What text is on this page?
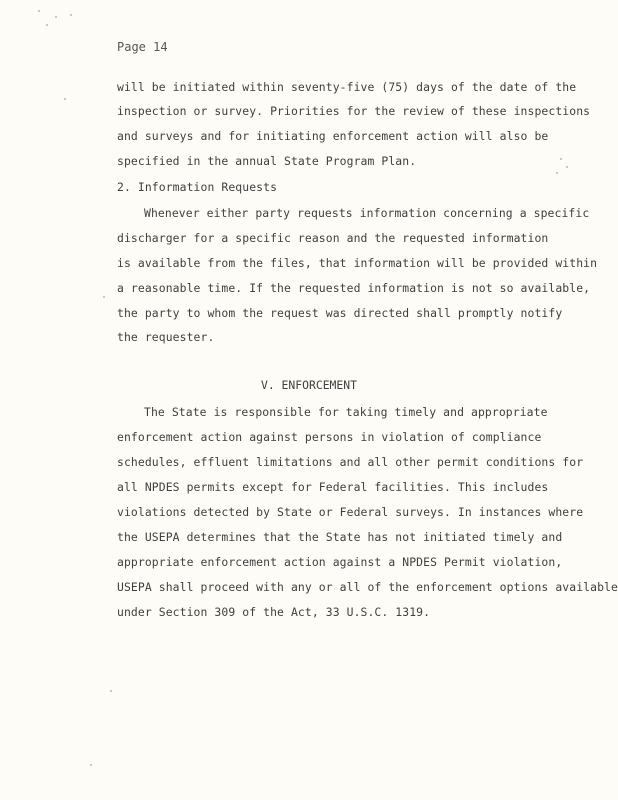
Page 14
will be initiated within seventy-five (75) days of the date of the
inspection or survey. Priorities for the review of these inspections
and surveys and for initiating enforcement action will also be
specified in the annual State Program Plan.
2. Information Requests
Whenever either party requests information concerning a specific
discharger for a specific reason and the requested information
is available from the files, that information will be provided within
a reasonable time. If the requested information is not so available,
the party to whom the request was directed shall promptly notify
the requester.
V. ENFORCEMENT
The State is responsible for taking timely and appropriate
enforcement action against persons in violation of compliance
schedules, effluent limitations and all other permit conditions for
all NPDES permits except for Federal facilities. This includes
violations detected by State or Federal surveys. In instances where
the USEPA determines that the State has not initiated timely and
appropriate enforcement action against a NPDES Permit violation,
USEPA shall proceed with any or all of the enforcement options available
under Section 309 of the Act, 33 U.S.C. 1319.
